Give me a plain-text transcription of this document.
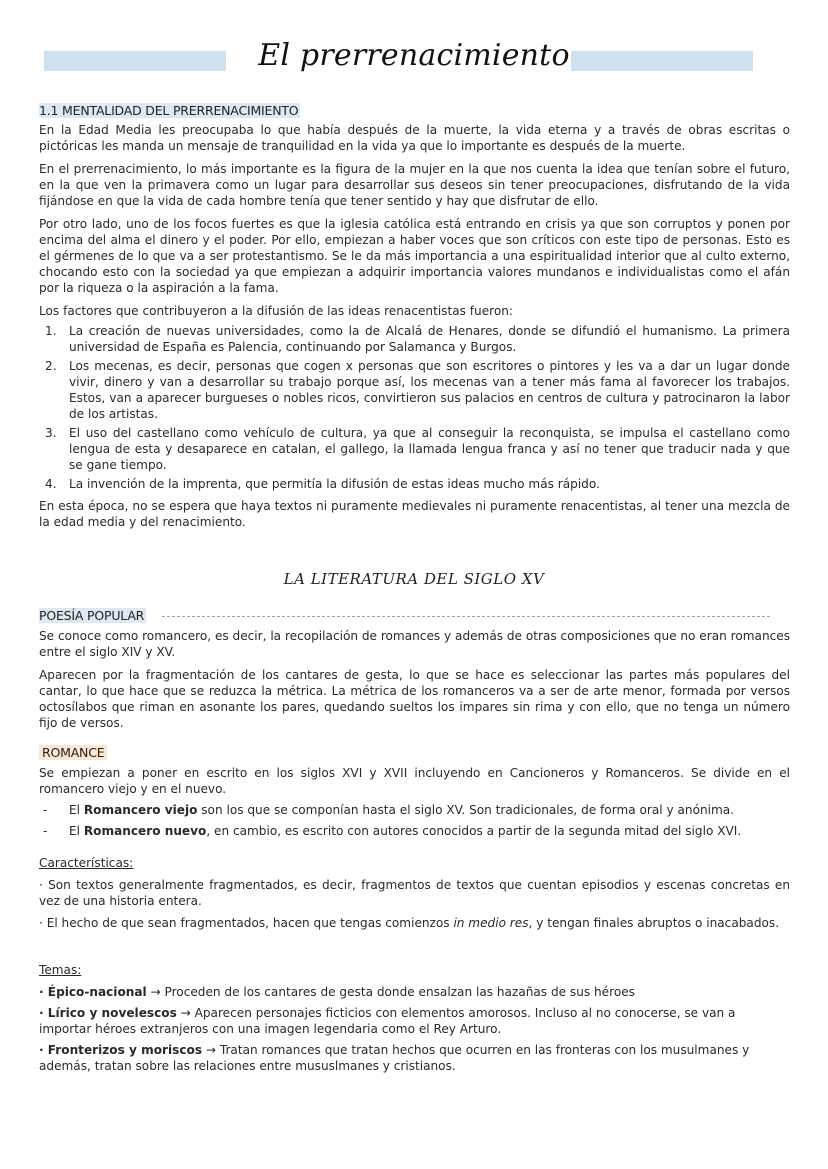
El prerrenacimiento
1.1 MENTALIDAD DEL PRERRENACIMIENTO

En la Edad Media les preocupaba lo que había después de la muerte, la vida eterna y a través de obras escritas o pictóricas les manda un mensaje de tranquilidad en la vida ya que lo importante es después de la muerte.

En el prerrenacimiento, lo más importante es la figura de la mujer en la que nos cuenta la idea que tenían sobre el futuro, en la que ven la primavera como un lugar para desarrollar sus deseos sin tener preocupaciones, disfrutando de la vida fijándose en que la vida de cada hombre tenía que tener sentido y hay que disfrutar de ello.

Por otro lado, uno de los focos fuertes es que la iglesia católica está entrando en crisis ya que son corruptos y ponen por encima del alma el dinero y el poder. Por ello, empiezan a haber voces que son críticos con este tipo de personas. Esto es el gérmenes de lo que va a ser protestantismo. Se le da más importancia a una espiritualidad interior que al culto externo, chocando esto con la sociedad ya que empiezan a adquirir importancia valores mundanos e individualistas como el afán por la riqueza o la aspiración a la fama.

Los factores que contribuyeron a la difusión de las ideas renacentistas fueron:

1. La creación de nuevas universidades, como la de Alcalá de Henares, donde se difundió el humanismo. La primera universidad de España es Palencia, continuando por Salamanca y Burgos.
2. Los mecenas, es decir, personas que cogen x personas que son escritores o pintores y les va a dar un lugar donde vivir, dinero y van a desarrollar su trabajo porque así, los mecenas van a tener más fama al favorecer los trabajos. Estos, van a aparecer burgueses o nobles ricos, convirtieron sus palacios en centros de cultura y patrocinaron la labor de los artistas.
3. El uso del castellano como vehículo de cultura, ya que al conseguir la reconquista, se impulsa el castellano como lengua de esta y desaparece en catalan, el gallego, la llamada lengua franca y así no tener que traducir nada y que se gane tiempo.
4. La invención de la imprenta, que permitía la difusión de estas ideas mucho más rápido.

En esta época, no se espera que haya textos ni puramente medievales ni puramente renacentistas, al tener una mezcla de la edad media y del renacimiento.

LA LITERATURA DEL SIGLO XV
POESÍA POPULAR

Se conoce como romancero, es decir, la recopilación de romances y además de otras composiciones que no eran romances entre el siglo XIV y XV.

Aparecen por la fragmentación de los cantares de gesta, lo que se hace es seleccionar las partes más populares del cantar, lo que hace que se reduzca la métrica. La métrica de los romanceros va a ser de arte menor, formada por versos octosílabos que riman en asonante los pares, quedando sueltos los impares sin rima y con ello, que no tenga un número fijo de versos.

ROMANCE

Se empiezan a poner en escrito en los siglos XVI y XVII incluyendo en Cancioneros y Romanceros. Se divide en el romancero viejo y en el nuevo.

- El Romancero viejo son los que se componían hasta el siglo XV. Son tradicionales, de forma oral y anónima.
- El Romancero nuevo, en cambio, es escrito con autores conocidos a partir de la segunda mitad del siglo XVI.

Características:

· Son textos generalmente fragmentados, es decir, fragmentos de textos que cuentan episodios y escenas concretas en vez de una historia entera.

· El hecho de que sean fragmentados, hacen que tengas comienzos in medio res, y tengan finales abruptos o inacabados.

Temas:

· Épico-nacional → Proceden de los cantares de gesta donde ensalzan las hazañas de sus héroes

· Lírico y novelescos → Aparecen personajes ficticios con elementos amorosos. Incluso al no conocerse, se van a importar héroes extranjeros con una imagen legendaria como el Rey Arturo.

· Fronterizos y moriscos → Tratan romances que tratan hechos que ocurren en las fronteras con los musulmanes y además, tratan sobre las relaciones entre mususlmanes y cristianos.
